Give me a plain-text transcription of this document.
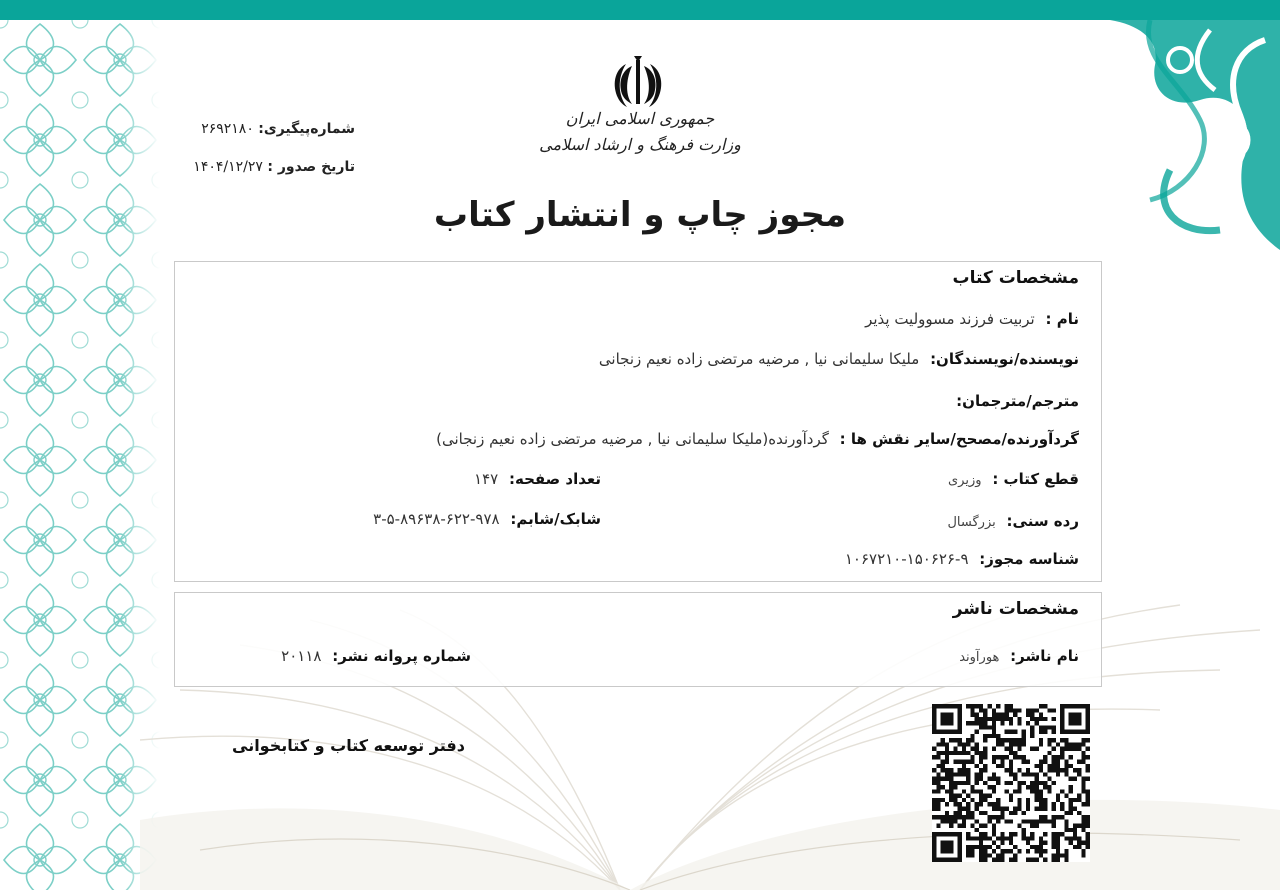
جمهوری اسلامی ایران
وزارت فرهنگ و ارشاد اسلامی
شماره‌پیگیری: ۲۶۹۲۱۸۰
تاریخ صدور : ۱۴۰۴/۱۲/۲۷
مجوز چاپ و انتشار کتاب
مشخصات کتاب
نام : تربیت فرزند مسوولیت پذیر
نویسنده/نویسندگان: ملیکا سلیمانی نیا , مرضیه مرتضی زاده نعیم زنجانی
مترجم/مترجمان:
گردآورنده/مصحح/سایر نقش ها : گردآورنده(ملیکا سلیمانی نیا , مرضیه مرتضی زاده نعیم زنجانی)
قطع کتاب : وزیری
تعداد صفحه: ۱۴۷
رده سنی: بزرگسال
شابک/شابم: ۹۷۸-۶۲۲-۸۹۶۳۸-۵-۳
شناسه مجوز: ۹-۱۵۰۶۲۶-۱۰۶۷۲۱۰
مشخصات ناشر
نام ناشر: هورآوند
شماره پروانه نشر: ۲۰۱۱۸
دفتر توسعه کتاب و کتابخوانی
